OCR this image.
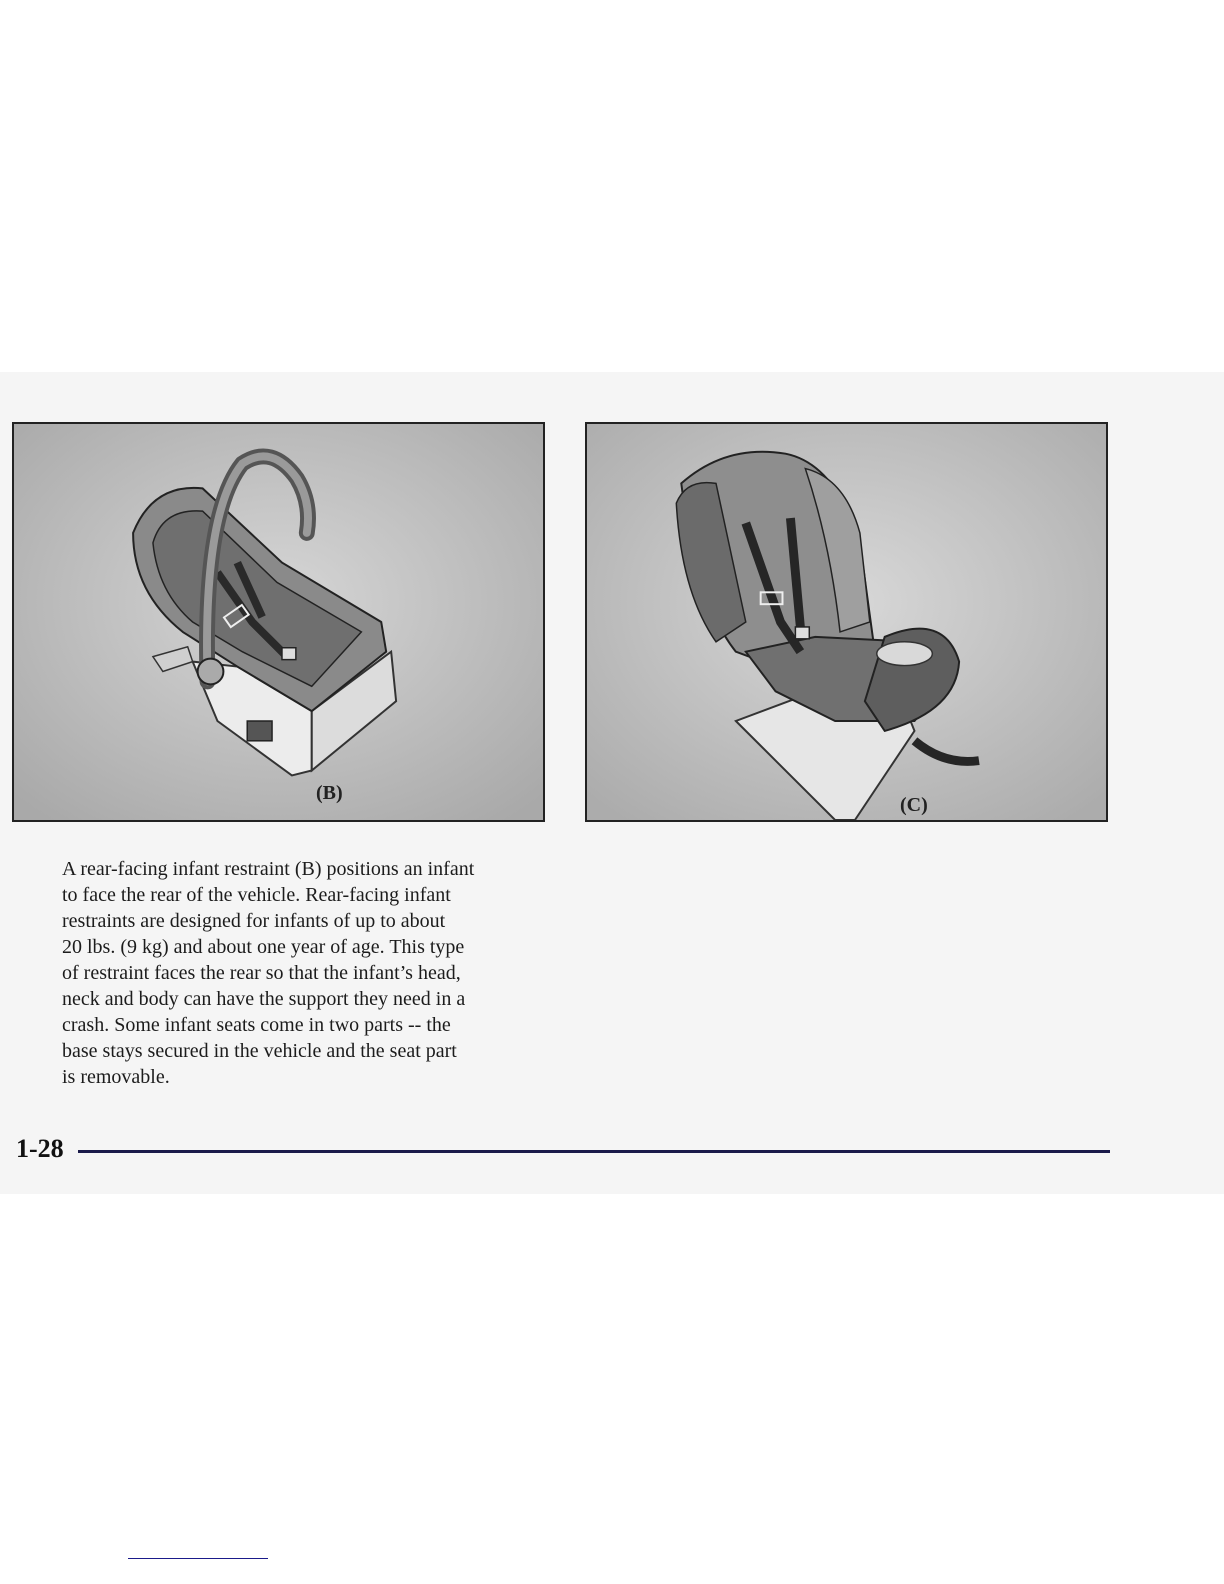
(B)
(C)

A rear-facing infant restraint (B) positions an infant
to face the rear of the vehicle. Rear-facing infant
restraints are designed for infants of up to about
20 lbs. (9 kg) and about one year of age. This type
of restraint faces the rear so that the infant’s head,
neck and body can have the support they need in a
crash. Some infant seats come in two parts -- the
base stays secured in the vehicle and the seat part
is removable.

1-28
